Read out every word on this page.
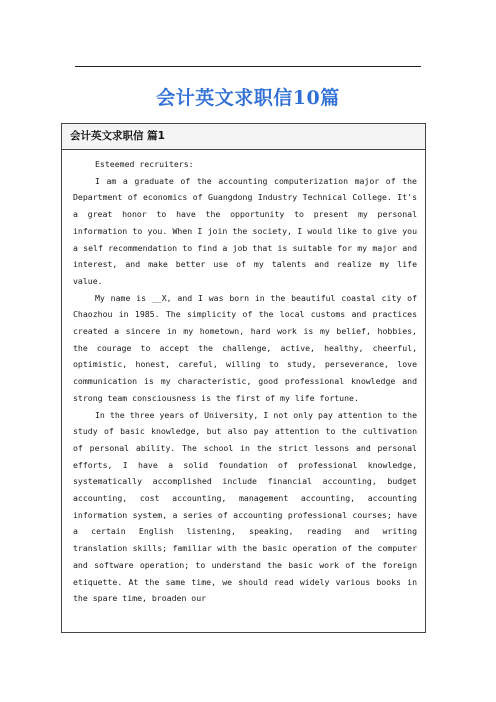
会计英文求职信10篇
会计英文求职信 篇1

Esteemed recruiters:

I am a graduate of the accounting computerization major of the Department of economics of Guangdong Industry Technical College. It's a great honor to have the opportunity to present my personal information to you. When I join the society, I would like to give you a self recommendation to find a job that is suitable for my major and interest, and make better use of my talents and realize my life value.

My name is __X, and I was born in the beautiful coastal city of Chaozhou in 1985. The simplicity of the local customs and practices created a sincere in my hometown, hard work is my belief, hobbies, the courage to accept the challenge, active, healthy, cheerful, optimistic, honest, careful, willing to study, perseverance, love communication is my characteristic, good professional knowledge and strong team consciousness is the first of my life fortune.

In the three years of University, I not only pay attention to the study of basic knowledge, but also pay attention to the cultivation of personal ability. The school in the strict lessons and personal efforts, I have a solid foundation of professional knowledge, systematically accomplished include financial accounting, budget accounting, cost accounting, management accounting, accounting information system, a series of accounting professional courses; have a certain English listening, speaking, reading and writing translation skills; familiar with the basic operation of the computer and software operation; to understand the basic work of the foreign etiquette. At the same time, we should read widely various books in the spare time, broaden our
